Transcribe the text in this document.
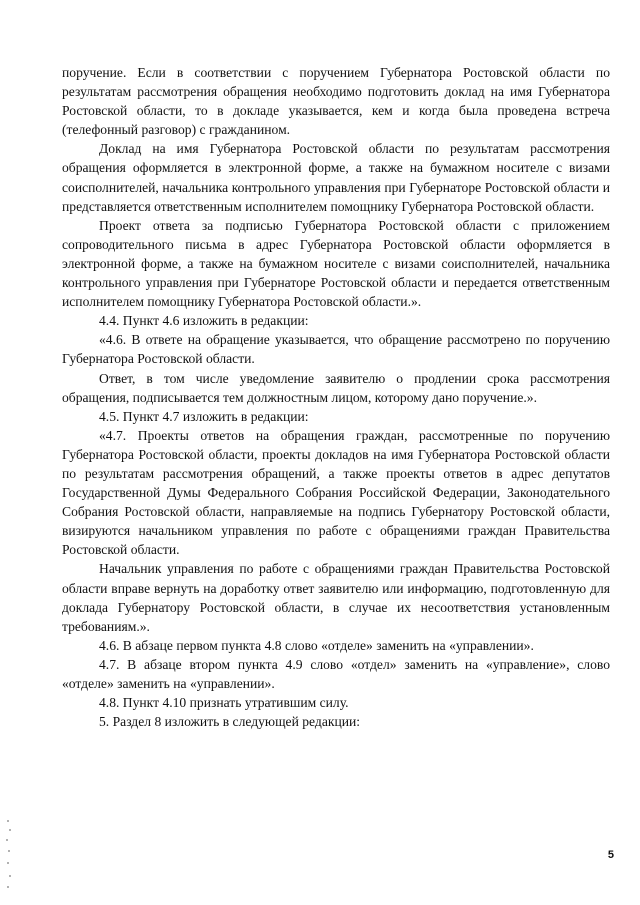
поручение. Если в соответствии с поручением Губернатора Ростовской области по результатам рассмотрения обращения необходимо подготовить доклад на имя Губернатора Ростовской области, то в докладе указывается, кем и когда была проведена встреча (телефонный разговор) с гражданином.

Доклад на имя Губернатора Ростовской области по результатам рассмотрения обращения оформляется в электронной форме, а также на бумажном носителе с визами соисполнителей, начальника контрольного управления при Губернаторе Ростовской области и представляется ответственным исполнителем помощнику Губернатора Ростовской области.

Проект ответа за подписью Губернатора Ростовской области с приложением сопроводительного письма в адрес Губернатора Ростовской области оформляется в электронной форме, а также на бумажном носителе с визами соисполнителей, начальника контрольного управления при Губернаторе Ростовской области и передается ответственным исполнителем помощнику Губернатора Ростовской области.».

4.4. Пункт 4.6 изложить в редакции:

«4.6. В ответе на обращение указывается, что обращение рассмотрено по поручению Губернатора Ростовской области.

Ответ, в том числе уведомление заявителю о продлении срока рассмотрения обращения, подписывается тем должностным лицом, которому дано поручение.».

4.5. Пункт 4.7 изложить в редакции:

«4.7. Проекты ответов на обращения граждан, рассмотренные по поручению Губернатора Ростовской области, проекты докладов на имя Губернатора Ростовской области по результатам рассмотрения обращений, а также проекты ответов в адрес депутатов Государственной Думы Федерального Собрания Российской Федерации, Законодательного Собрания Ростовской области, направляемые на подпись Губернатору Ростовской области, визируются начальником управления по работе с обращениями граждан Правительства Ростовской области.

Начальник управления по работе с обращениями граждан Правительства Ростовской области вправе вернуть на доработку ответ заявителю или информацию, подготовленную для доклада Губернатору Ростовской области, в случае их несоответствия установленным требованиям.».

4.6. В абзаце первом пункта 4.8 слово «отделе» заменить на «управлении».

4.7. В абзаце втором пункта 4.9 слово «отдел» заменить на «управление», слово «отделе» заменить на «управлении».

4.8. Пункт 4.10 признать утратившим силу.

5. Раздел 8 изложить в следующей редакции:

5
